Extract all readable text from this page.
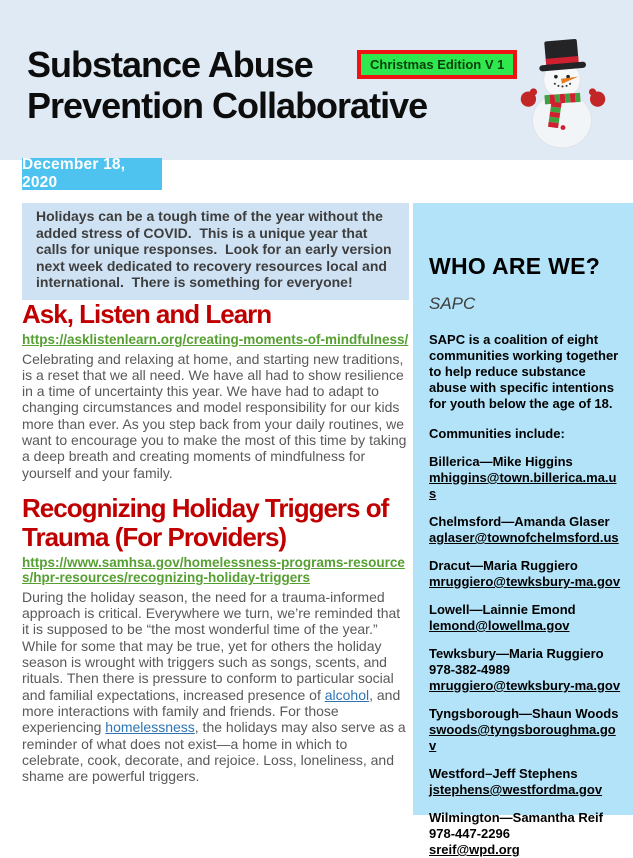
Substance Abuse
Prevention Collaborative
Christmas Edition V 1
December 18, 2020
Holidays can be a tough time of the year without the added stress of COVID.  This is a unique year that calls for unique responses.  Look for an early version next week dedicated to recovery resources local and international.  There is something for everyone!
Ask, Listen and Learn
https://asklistenlearn.org/creating-moments-of-mindfulness/

Celebrating and relaxing at home, and starting new traditions, is a reset that we all need. We have all had to show resilience in a time of uncertainty this year. We have had to adapt to changing circumstances and model responsibility for our kids more than ever. As you step back from your daily routines, we want to encourage you to make the most of this time by taking a deep breath and creating moments of mindfulness for yourself and your family.

Recognizing Holiday Triggers of Trauma (For Providers)
https://www.samhsa.gov/homelessness-programs-resources/hpr-resources/recognizing-holiday-triggers

During the holiday season, the need for a trauma-informed approach is critical. Everywhere we turn, we’re reminded that it is supposed to be “the most wonderful time of the year.” While for some that may be true, yet for others the holiday season is wrought with triggers such as songs, scents, and rituals. Then there is pressure to conform to particular social and familial expectations, increased presence of alcohol, and more interactions with family and friends. For those experiencing homelessness, the holidays may also serve as a reminder of what does not exist—a home in which to celebrate, cook, decorate, and rejoice. Loss, loneliness, and shame are powerful triggers.

WHO ARE WE?
SAPC
SAPC is a coalition of eight communities working together to help reduce substance abuse with specific intentions for youth below the age of 18.
Communities include:
Billerica—Mike Higgins
mhiggins@town.billerica.ma.us
Chelmsford—Amanda Glaser
aglaser@townofchelmsford.us
Dracut—Maria Ruggiero
mruggiero@tewksbury-ma.gov
Lowell—Lainnie Emond
lemond@lowellma.gov
Tewksbury—Maria Ruggiero
978-382-4989
mruggiero@tewksbury-ma.gov
Tyngsborough—Shaun Woods
swoods@tyngsboroughma.gov
Westford–Jeff Stephens
jstephens@westfordma.gov
Wilmington—Samantha Reif
978-447-2296
sreif@wpd.org
